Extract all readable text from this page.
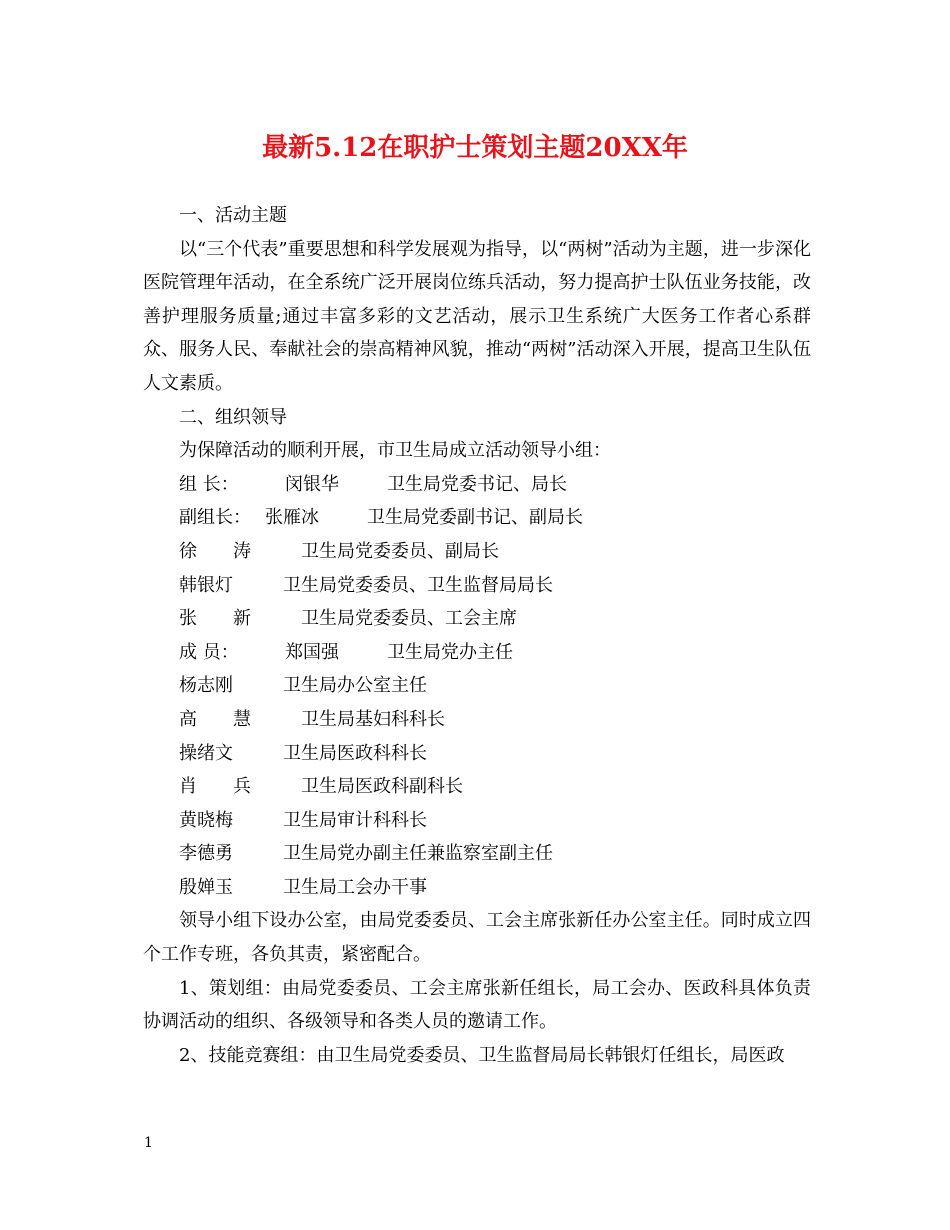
最新5.12在职护士策划主题20XX年

一、活动主题

以“三个代表”重要思想和科学发展观为指导，以“两树”活动为主题，进一步深化医院管理年活动，在全系统广泛开展岗位练兵活动，努力提高护士队伍业务技能，改善护理服务质量;通过丰富多彩的文艺活动，展示卫生系统广大医务工作者心系群众、服务人民、奉献社会的崇高精神风貌，推动“两树”活动深入开展，提高卫生队伍人文素质。

二、组织领导

为保障活动的顺利开展，市卫生局成立活动领导小组：

组 长：	闵银华	卫生局党委书记、局长
副组长： 张雁冰	卫生局党委副书记、副局长
徐　　涛	卫生局党委委员、副局长
韩银灯	卫生局党委委员、卫生监督局局长
张　　新	卫生局党委委员、工会主席
成 员：	郑国强	卫生局党办主任
杨志刚	卫生局办公室主任
高　　慧	卫生局基妇科科长
操绪文	卫生局医政科科长
肖　　兵	卫生局医政科副科长
黄晓梅	卫生局审计科科长
李德勇	卫生局党办副主任兼监察室副主任
殷婵玉	卫生局工会办干事

领导小组下设办公室，由局党委委员、工会主席张新任办公室主任。同时成立四个工作专班，各负其责，紧密配合。

1、策划组：由局党委委员、工会主席张新任组长，局工会办、医政科具体负责协调活动的组织、各级领导和各类人员的邀请工作。

2、技能竞赛组：由卫生局党委委员、卫生监督局局长韩银灯任组长，局医政

1
